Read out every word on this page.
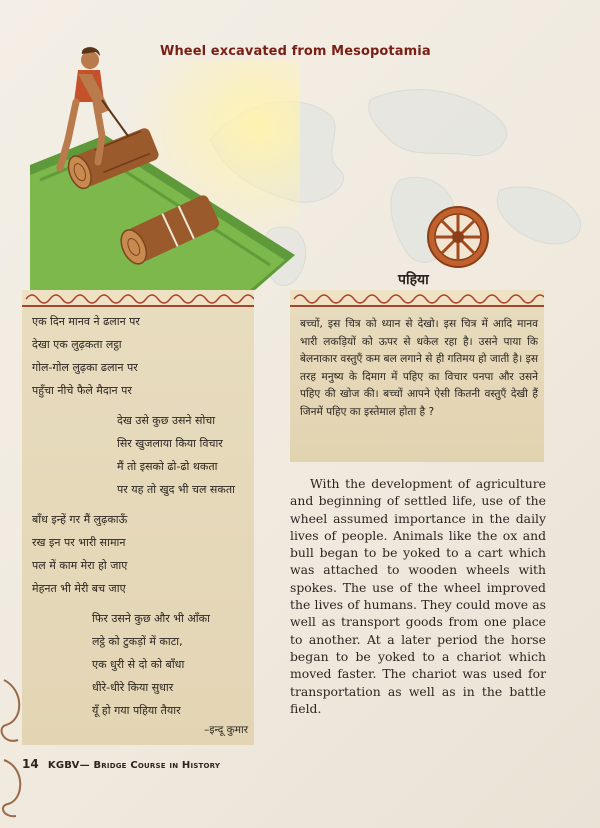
Wheel excavated from Mesopotamia
पहिया
एक दिन मानव ने ढलान पर
देखा एक लुढ़कता लट्ठा
गोल-गोल लुढ़का ढलान पर
पहुँचा नीचे फैले मैदान पर
देख उसे कुछ उसने सोचा
सिर खुजलाया किया विचार
मैं तो इसको ढो-ढो थकता
पर यह तो खुद भी चल सकता
बाँध इन्हें गर मैं लुढ़काऊँ
रख इन पर भारी सामान
पल में काम मेरा हो जाए
मेहनत भी मेरी बच जाए
फिर उसने कुछ और भी आँका
लट्ठे को टुकड़ों में काटा,
एक धुरी से दो को बाँधा
धीरे-धीरे किया सुधार
यूँ हो गया पहिया तैयार
–इन्दू कुमार
बच्चों, इस चित्र को ध्यान से देखो। इस चित्र में आदि मानव भारी लकड़ियों को ऊपर से धकेल रहा है। उसने पाया कि बेलनाकार वस्तुएँ कम बल लगाने से ही गतिमय हो जाती है। इस तरह मनुष्य के दिमाग में पहिए का विचार पनपा और उसने पहिए की खोज की। बच्चों आपने ऐसी कितनी वस्तुएँ देखी हैं जिनमें पहिए का इस्तेमाल होता है ?
With the development of agriculture and beginning of settled life, use of the wheel assumed importance in the daily lives of people. Animals like the ox and bull began to be yoked to a cart which was attached to wooden wheels with spokes. The use of the wheel improved the lives of humans. They could move as well as transport goods from one place to another. At a later period the horse began to be yoked to a chariot which moved faster. The chariot was used for transportation as well as in the battle field.
14 KGBV— Bridge Course in History
